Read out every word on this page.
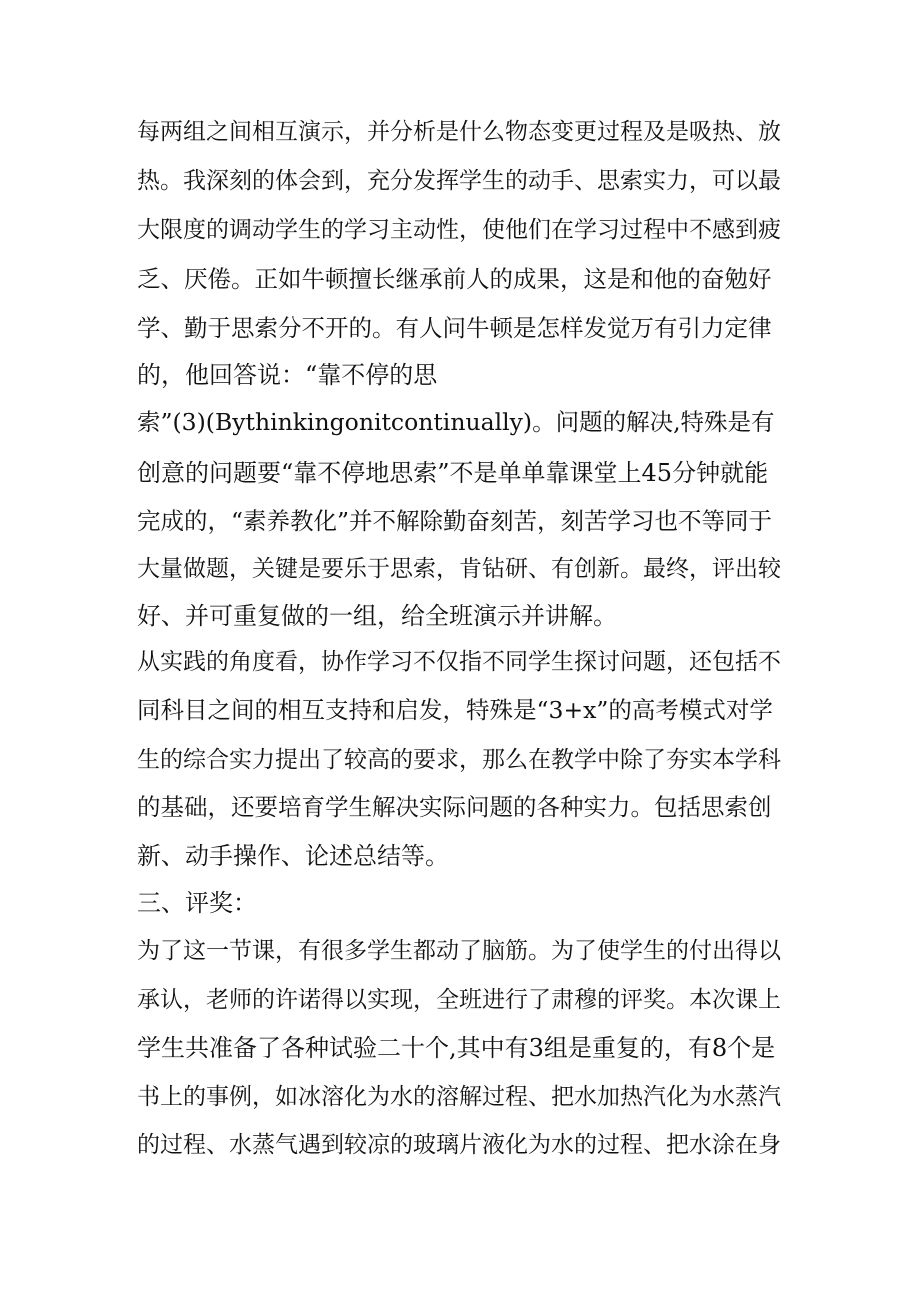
每两组之间相互演示，并分析是什么物态变更过程及是吸热、放

热。我深刻的体会到，充分发挥学生的动手、思索实力，可以最

大限度的调动学生的学习主动性，使他们在学习过程中不感到疲

乏、厌倦。正如牛顿擅长继承前人的成果，这是和他的奋勉好

学、勤于思索分不开的。有人问牛顿是怎样发觉万有引力定律

的，他回答说：“靠不停的思

索”(3)(Bythinkingonitcontinually)。问题的解决,特殊是有

创意的问题要“靠不停地思索”不是单单靠课堂上45分钟就能

完成的，“素养教化”并不解除勤奋刻苦，刻苦学习也不等同于

大量做题，关键是要乐于思索，肯钻研、有创新。最终，评出较

好、并可重复做的一组，给全班演示并讲解。

从实践的角度看，协作学习不仅指不同学生探讨问题，还包括不

同科目之间的相互支持和启发，特殊是“3+x”的高考模式对学

生的综合实力提出了较高的要求，那么在教学中除了夯实本学科

的基础，还要培育学生解决实际问题的各种实力。包括思索创

新、动手操作、论述总结等。

三、评奖：

为了这一节课，有很多学生都动了脑筋。为了使学生的付出得以

承认，老师的许诺得以实现，全班进行了肃穆的评奖。本次课上

学生共准备了各种试验二十个,其中有3组是重复的，有8个是

书上的事例，如冰溶化为水的溶解过程、把水加热汽化为水蒸汽

的过程、水蒸气遇到较凉的玻璃片液化为水的过程、把水涂在身
